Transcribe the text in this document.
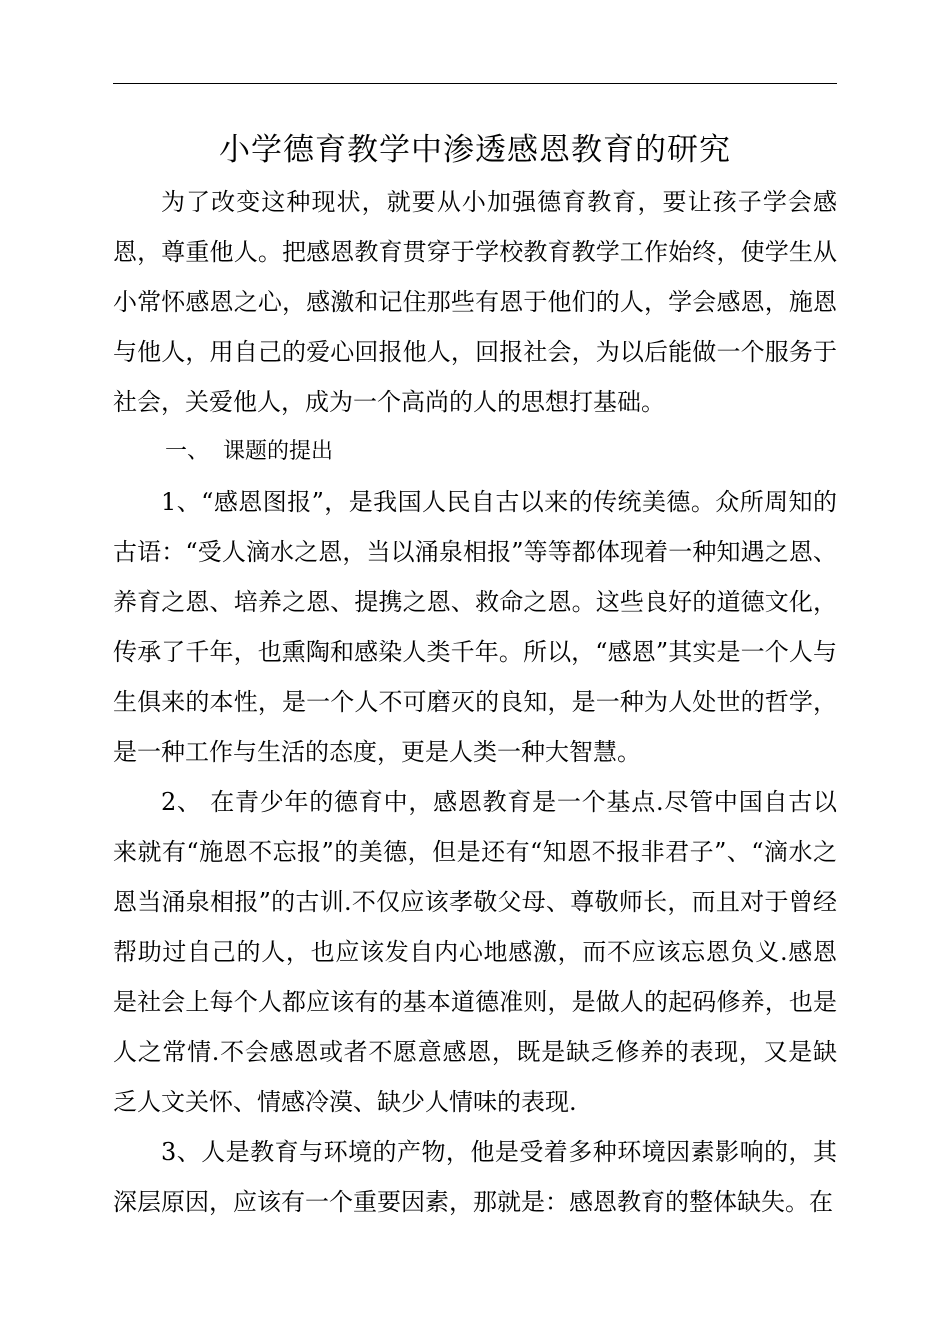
小学德育教学中渗透感恩教育的研究

为了改变这种现状，就要从小加强德育教育，要让孩子学会感恩，尊重他人。把感恩教育贯穿于学校教育教学工作始终，使学生从小常怀感恩之心，感激和记住那些有恩于他们的人，学会感恩，施恩与他人，用自己的爱心回报他人，回报社会，为以后能做一个服务于社会，关爱他人，成为一个高尚的人的思想打基础。

一、  课题的提出

1、“感恩图报”，是我国人民自古以来的传统美德。众所周知的古语：“受人滴水之恩，当以涌泉相报”等等都体现着一种知遇之恩、养育之恩、培养之恩、提携之恩、救命之恩。这些良好的道德文化，传承了千年，也熏陶和感染人类千年。所以，“感恩”其实是一个人与生俱来的本性，是一个人不可磨灭的良知，是一种为人处世的哲学，是一种工作与生活的态度，更是人类一种大智慧。

2、 在青少年的德育中，感恩教育是一个基点.尽管中国自古以来就有“施恩不忘报”的美德，但是还有“知恩不报非君子”、“滴水之恩当涌泉相报”的古训.不仅应该孝敬父母、尊敬师长，而且对于曾经帮助过自己的人，也应该发自内心地感激，而不应该忘恩负义.感恩是社会上每个人都应该有的基本道德准则，是做人的起码修养，也是人之常情.不会感恩或者不愿意感恩，既是缺乏修养的表现，又是缺乏人文关怀、情感冷漠、缺少人情味的表现.

3、人是教育与环境的产物，他是受着多种环境因素影响的，其深层原因，应该有一个重要因素，那就是：感恩教育的整体缺失。在
